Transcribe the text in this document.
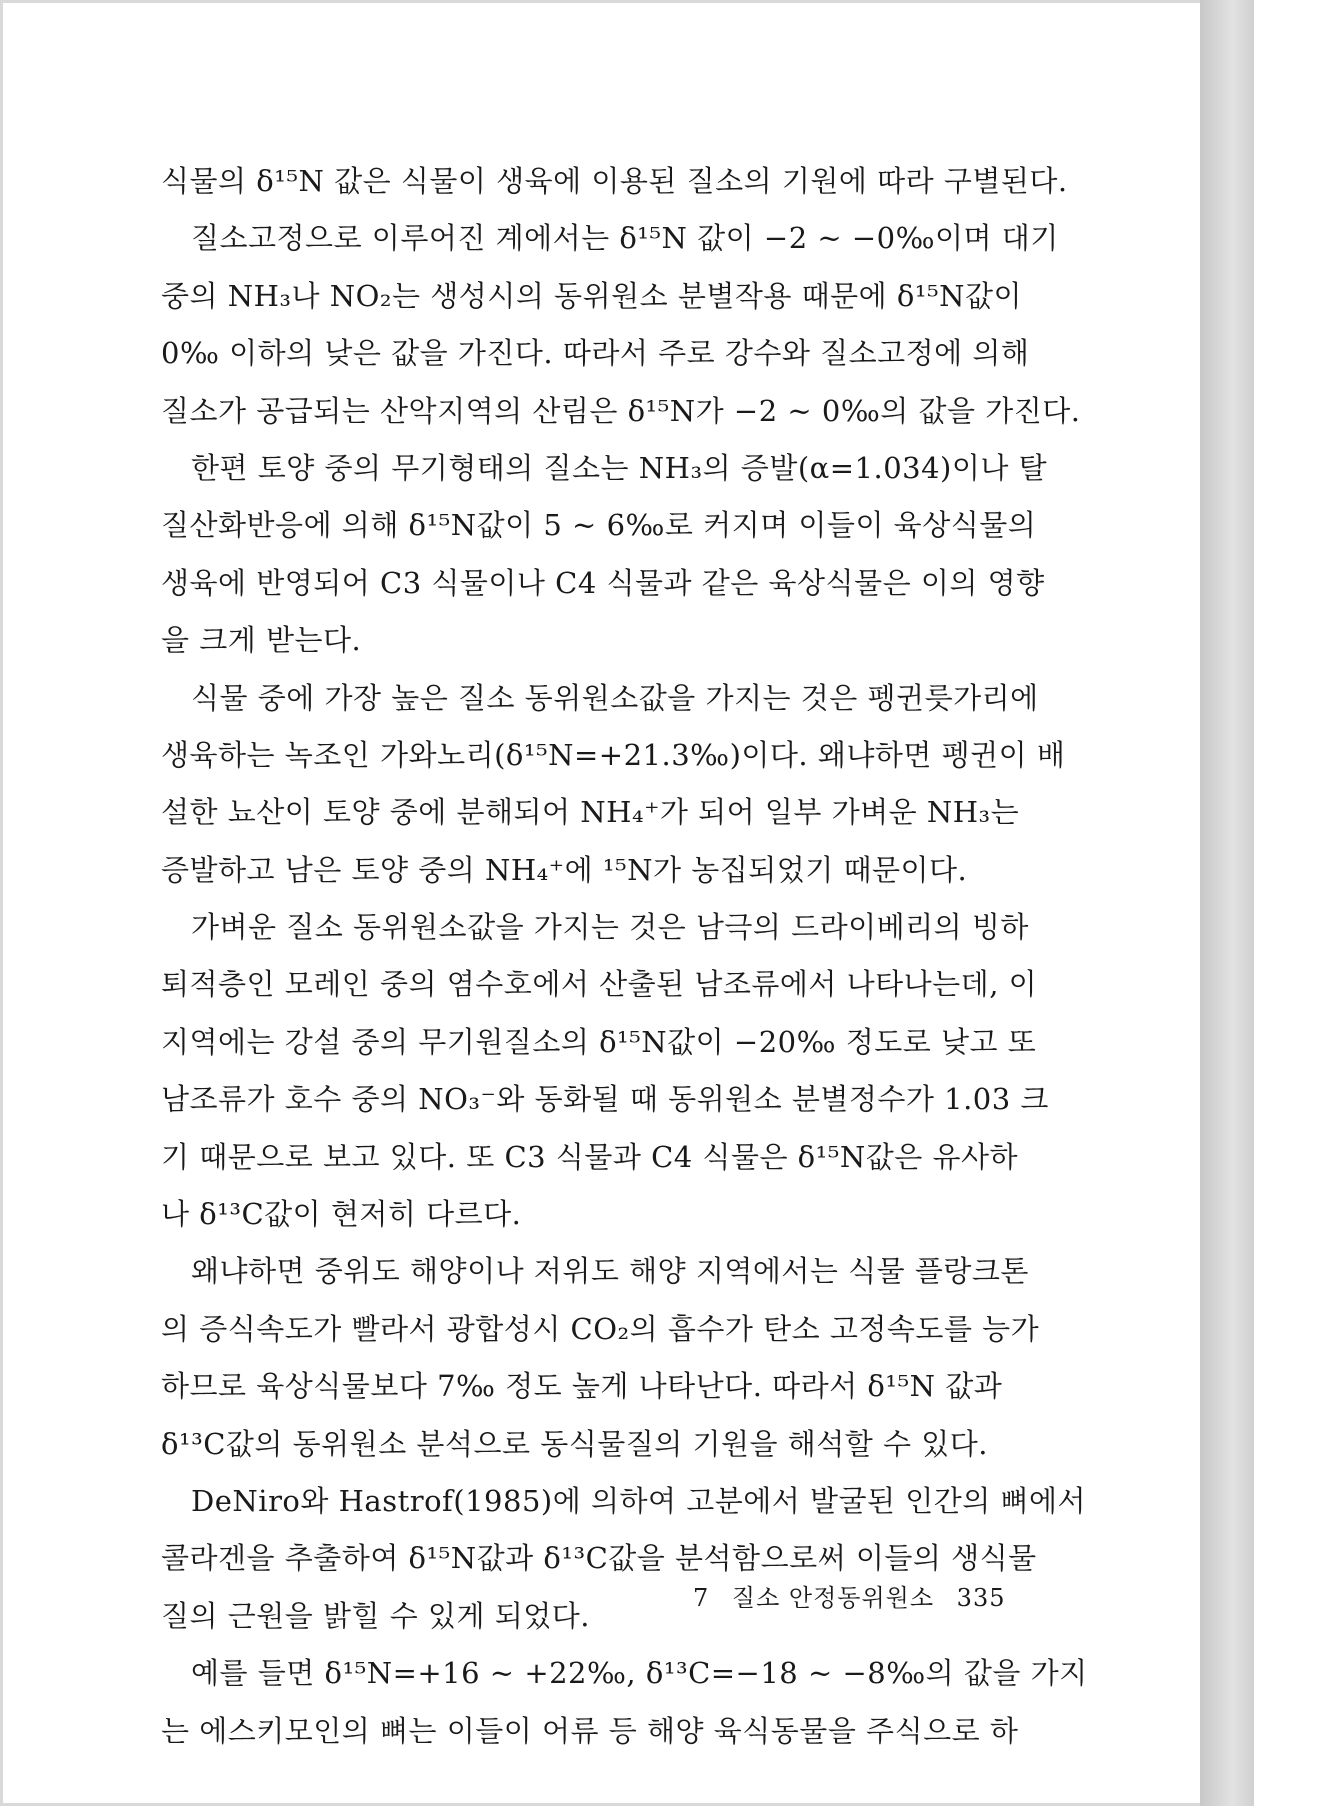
식물의 δ¹⁵N 값은 식물이 생육에 이용된 질소의 기원에 따라 구별된다.
질소고정으로 이루어진 계에서는 δ¹⁵N 값이 −2 ~ −0‰이며 대기
중의 NH₃나 NO₂는 생성시의 동위원소 분별작용 때문에 δ¹⁵N값이
0‰ 이하의 낮은 값을 가진다. 따라서 주로 강수와 질소고정에 의해
질소가 공급되는 산악지역의 산림은 δ¹⁵N가 −2 ~ 0‰의 값을 가진다.
한편 토양 중의 무기형태의 질소는 NH₃의 증발(α=1.034)이나 탈
질산화반응에 의해 δ¹⁵N값이 5 ~ 6‰로 커지며 이들이 육상식물의
생육에 반영되어 C3 식물이나 C4 식물과 같은 육상식물은 이의 영향
을 크게 받는다.
식물 중에 가장 높은 질소 동위원소값을 가지는 것은 펭귄릇가리에
생육하는 녹조인 가와노리(δ¹⁵N=+21.3‰)이다. 왜냐하면 펭귄이 배
설한 뇨산이 토양 중에 분해되어 NH₄⁺가 되어 일부 가벼운 NH₃는
증발하고 남은 토양 중의 NH₄⁺에 ¹⁵N가 농집되었기 때문이다.
가벼운 질소 동위원소값을 가지는 것은 남극의 드라이베리의 빙하
퇴적층인 모레인 중의 염수호에서 산출된 남조류에서 나타나는데, 이
지역에는 강설 중의 무기원질소의 δ¹⁵N값이 −20‰ 정도로 낮고 또
남조류가 호수 중의 NO₃⁻와 동화될 때 동위원소 분별정수가 1.03 크
기 때문으로 보고 있다. 또 C3 식물과 C4 식물은 δ¹⁵N값은 유사하
나 δ¹³C값이 현저히 다르다.
왜냐하면 중위도 해양이나 저위도 해양 지역에서는 식물 플랑크톤
의 증식속도가 빨라서 광합성시 CO₂의 흡수가 탄소 고정속도를 능가
하므로 육상식물보다 7‰ 정도 높게 나타난다. 따라서 δ¹⁵N 값과
δ¹³C값의 동위원소 분석으로 동식물질의 기원을 해석할 수 있다.
DeNiro와 Hastrof(1985)에 의하여 고분에서 발굴된 인간의 뼈에서
콜라겐을 추출하여 δ¹⁵N값과 δ¹³C값을 분석함으로써 이들의 생식물
질의 근원을 밝힐 수 있게 되었다.
예를 들면 δ¹⁵N=+16 ~ +22‰, δ¹³C=−18 ~ −8‰의 값을 가지
는 에스키모인의 뼈는 이들이 어류 등 해양 육식동물을 주식으로 하
7 질소 안정동위원소 335
